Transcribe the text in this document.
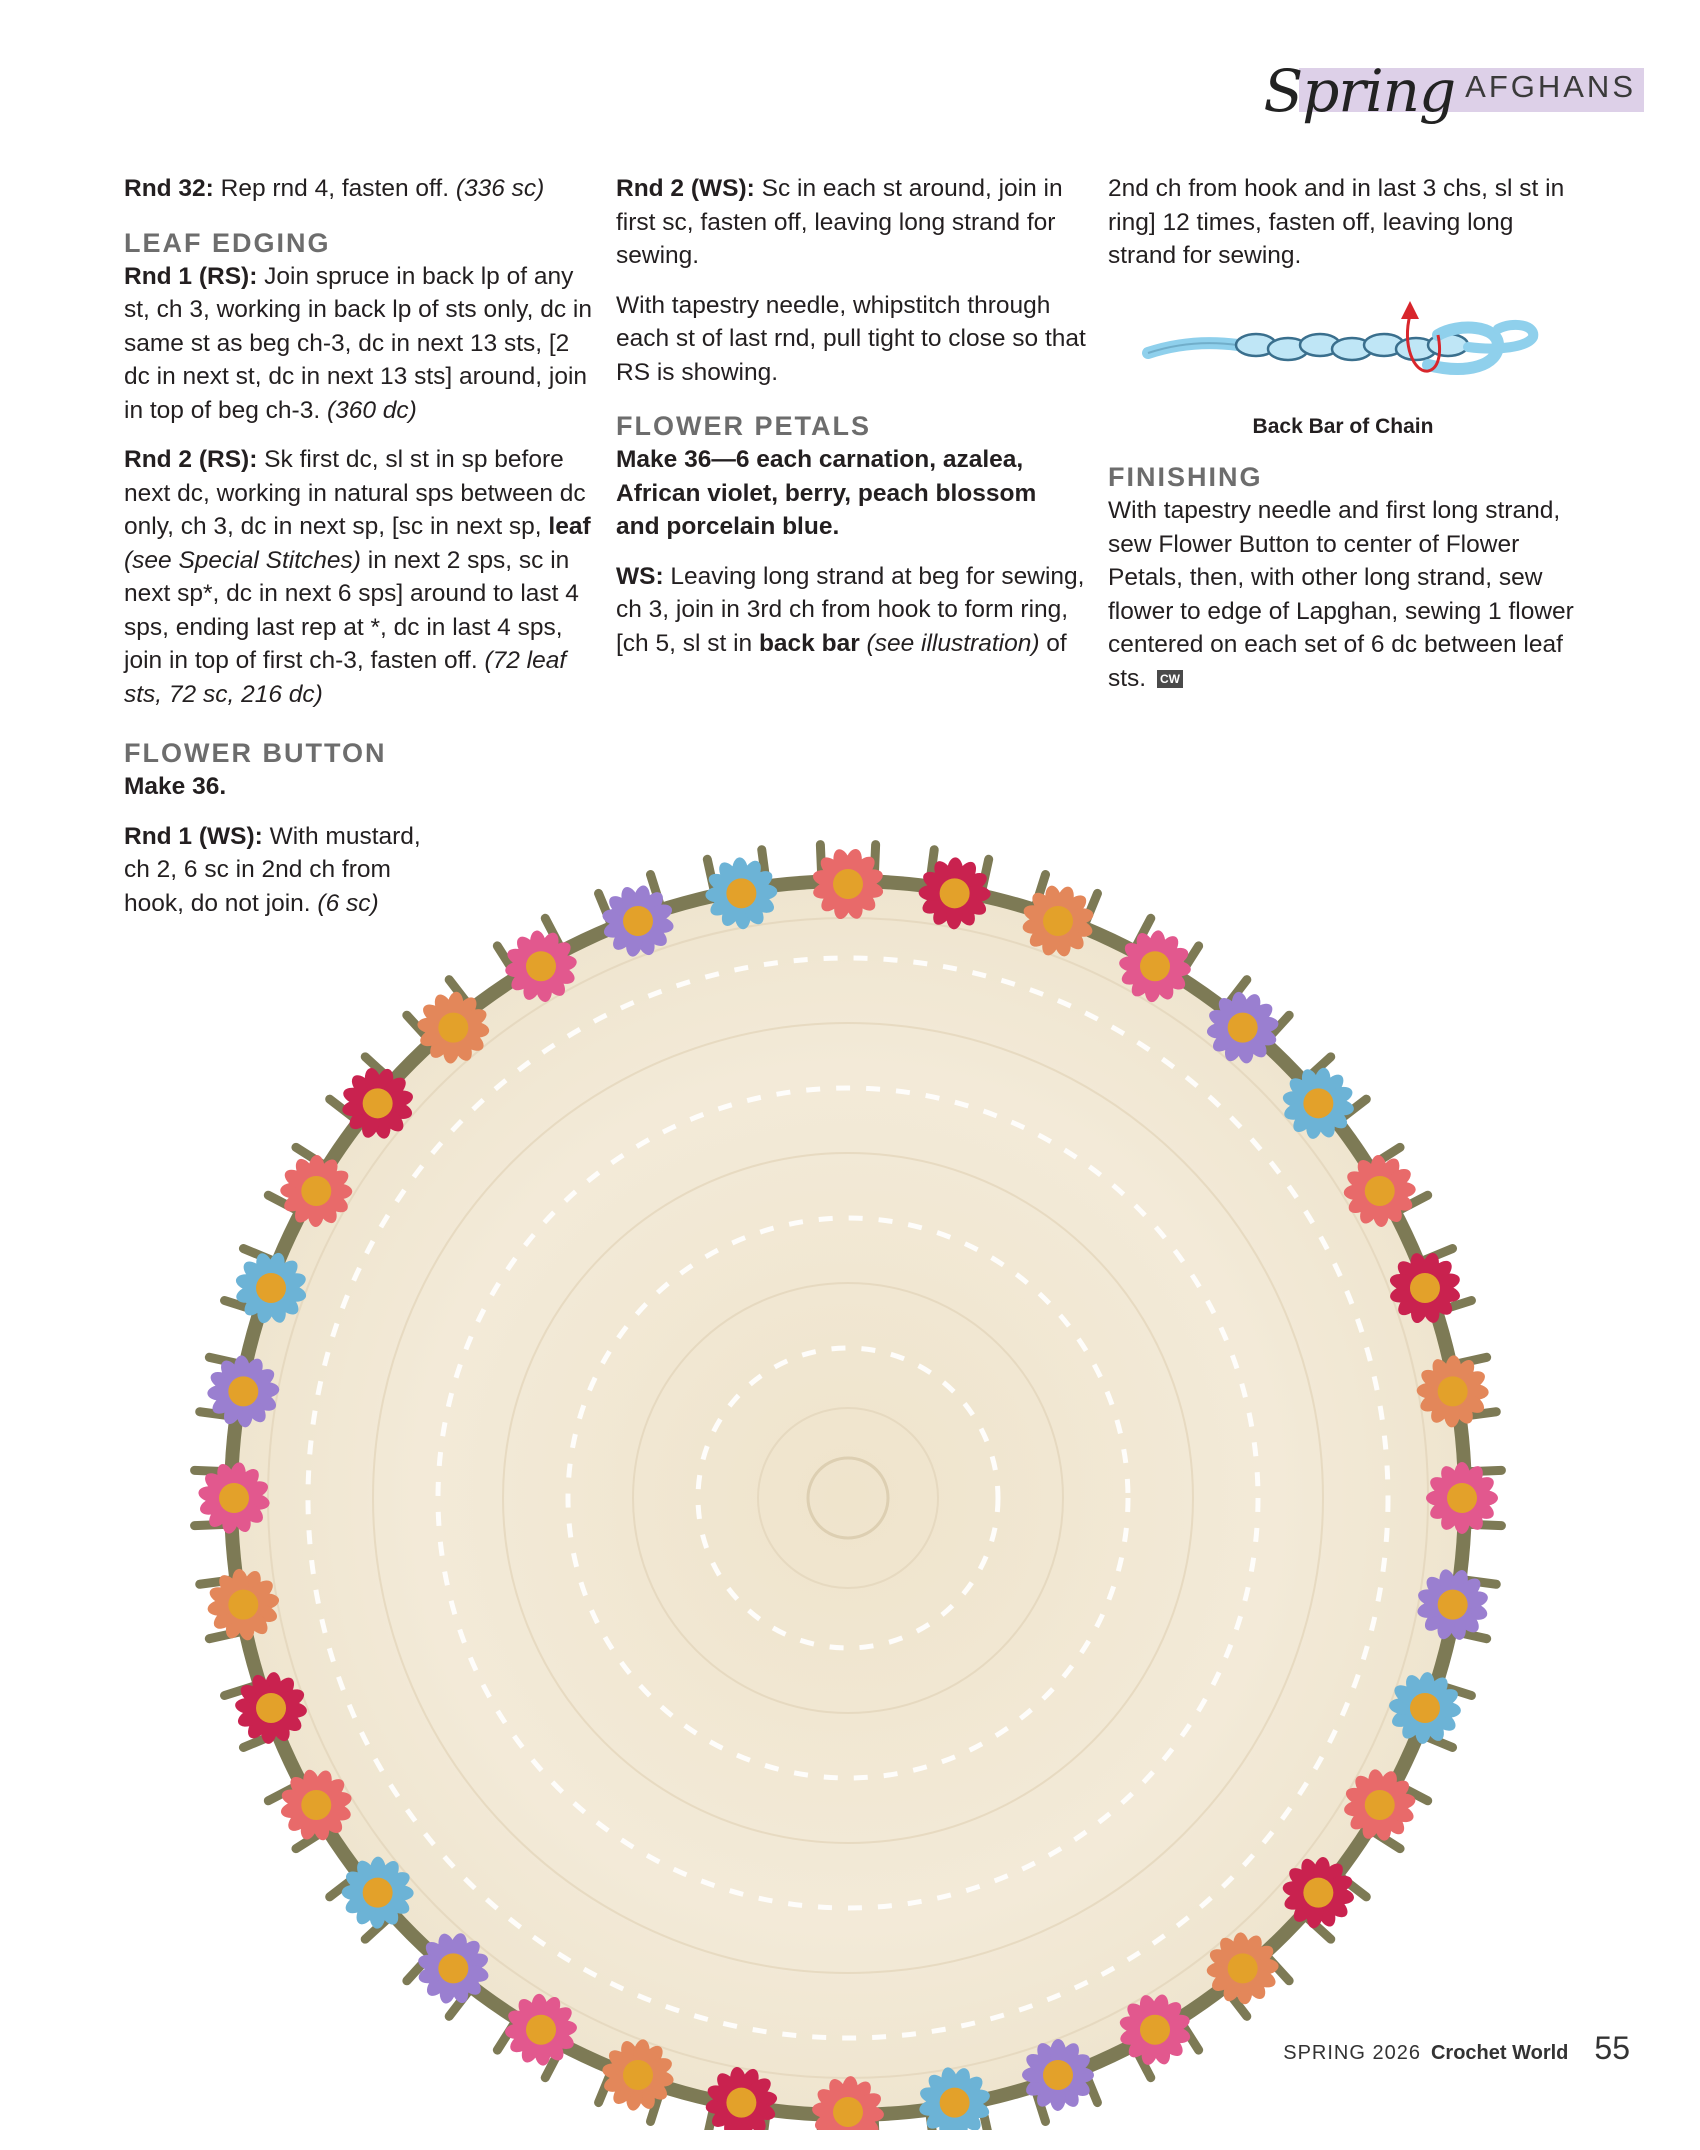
Spring AFGHANS

Rnd 32: Rep rnd 4, fasten off. (336 sc)

LEAF EDGING

Rnd 1 (RS): Join spruce in back lp of any st, ch 3, working in back lp of sts only, dc in same st as beg ch-3, dc in next 13 sts, [2 dc in next st, dc in next 13 sts] around, join in top of beg ch-3. (360 dc)

Rnd 2 (RS): Sk first dc, sl st in sp before next dc, working in natural sps between dc only, ch 3, dc in next sp, [sc in next sp, leaf (see Special Stitches) in next 2 sps, sc in next sp*, dc in next 6 sps] around to last 4 sps, ending last rep at *, dc in last 4 sps, join in top of first ch-3, fasten off. (72 leaf sts, 72 sc, 216 dc)

FLOWER BUTTON

Make 36.

Rnd 1 (WS): With mustard, ch 2, 6 sc in 2nd ch from hook, do not join. (6 sc)

Rnd 2 (WS): Sc in each st around, join in first sc, fasten off, leaving long strand for sewing.

With tapestry needle, whipstitch through each st of last rnd, pull tight to close so that RS is showing.

FLOWER PETALS

Make 36—6 each carnation, azalea, African violet, berry, peach blossom and porcelain blue.

WS: Leaving long strand at beg for sewing, ch 3, join in 3rd ch from hook to form ring, [ch 5, sl st in back bar (see illustration) of

2nd ch from hook and in last 3 chs, sl st in ring] 12 times, fasten off, leaving long strand for sewing.

Back Bar of Chain
FINISHING

With tapestry needle and first long strand, sew Flower Button to center of Flower Petals, then, with other long strand, sew flower to edge of Lapghan, sewing 1 flower centered on each set of 6 dc between leaf sts. CW

SPRING 2026 Crochet World 55
